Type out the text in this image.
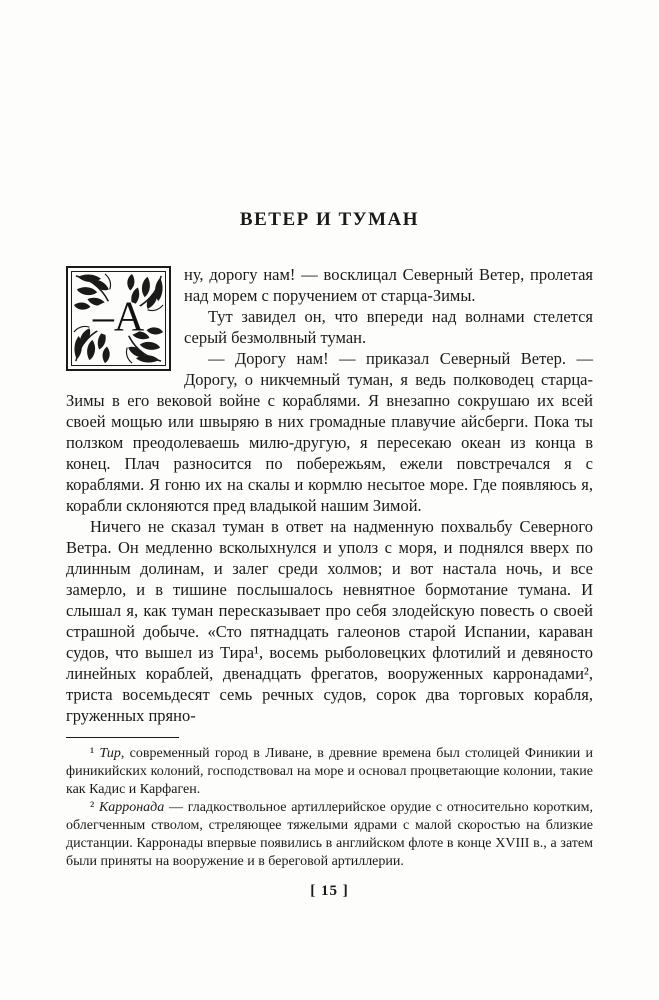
ВЕТЕР И ТУМАН
–А

ну, дорогу нам! — восклицал Северный Ветер, пролетая над морем с поручением от старца-Зимы.

Тут завидел он, что впереди над волнами стелется серый безмолвный туман.

— Дорогу нам! — приказал Северный Ветер. — Дорогу, о никчемный туман, я ведь полководец старца-Зимы в его вековой войне с кораблями. Я внезапно сокрушаю их всей своей мощью или швыряю в них громадные плавучие айсберги. Пока ты ползком преодолеваешь милю-другую, я пересекаю океан из конца в конец. Плач разносится по побережьям, ежели повстречался я с кораблями. Я гоню их на скалы и кормлю несытое море. Где появляюсь я, корабли склоняются пред владыкой нашим Зимой.

Ничего не сказал туман в ответ на надменную похвальбу Северного Ветра. Он медленно всколыхнулся и уполз с моря, и поднялся вверх по длинным долинам, и залег среди холмов; и вот настала ночь, и все замерло, и в тишине послышалось невнятное бормотание тумана. И слышал я, как туман пересказывает про себя злодейскую повесть о своей страшной добыче. «Сто пятнадцать галеонов старой Испании, караван судов, что вышел из Тира¹, восемь рыболовецких флотилий и девяносто линейных кораблей, двенадцать фрегатов, вооруженных карронадами², триста восемьдесят семь речных судов, сорок два торговых корабля, груженных пряно-

¹ Тир, современный город в Ливане, в древние времена был столицей Финикии и финикийских колоний, господствовал на море и основал процветающие колонии, такие как Кадис и Карфаген.

² Карронада — гладкоствольное артиллерийское орудие с относительно коротким, облегченным стволом, стреляющее тяжелыми ядрами с малой скоростью на близкие дистанции. Карронады впервые появились в английском флоте в конце XVIII в., а затем были приняты на вооружение и в береговой артиллерии.

[ 15 ]
